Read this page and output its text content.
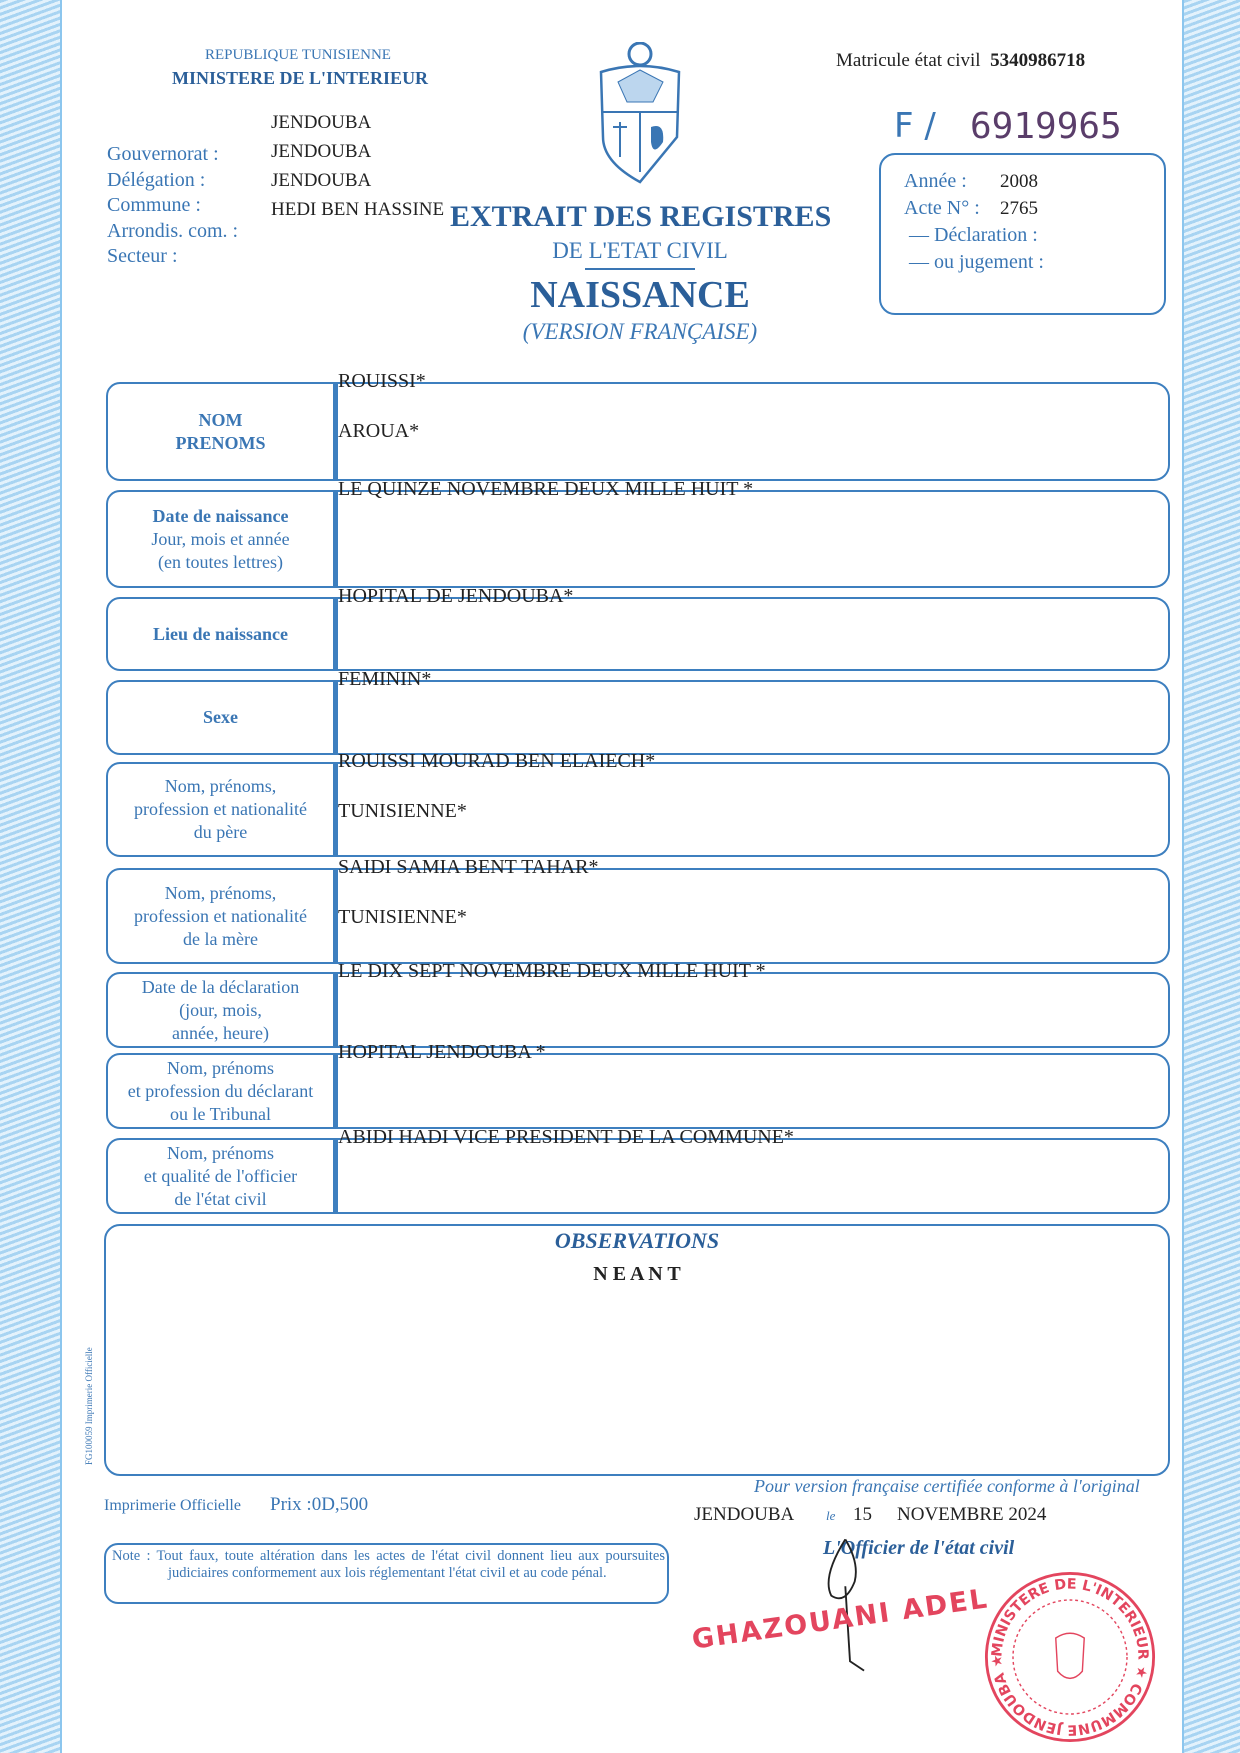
REPUBLIQUE TUNISIENNE
MINISTERE DE L'INTERIEUR
Matricule état civil 5340986718
F / 6919965
Gouvernorat :
Délégation :
Commune :
Arrondis. com. :
Secteur :
JENDOUBA
JENDOUBA
JENDOUBA
HEDI BEN HASSINE EXTRAIT DES REGISTRES
DE L'ETAT CIVIL
NAISSANCE
(VERSION FRANÇAISE)
Année :
Acte N° :
— Déclaration :
— ou jugement :
2008
2765
NOM
PRENOMS
ROUISSI*
AROUA*
Date de naissance
Jour, mois et année
(en toutes lettres)
LE QUINZE NOVEMBRE DEUX MILLE HUIT *
Lieu de naissance
HOPITAL DE JENDOUBA*
Sexe
FEMININ*
Nom, prénoms,
profession et nationalité
du père
ROUISSI MOURAD BEN ELAIECH*
TUNISIENNE*
Nom, prénoms,
profession et nationalité
de la mère
SAIDI SAMIA BENT TAHAR*
TUNISIENNE*
Date de la déclaration
(jour, mois,
année, heure)
LE DIX SEPT NOVEMBRE DEUX MILLE HUIT *
Nom, prénoms
et profession du déclarant
ou le Tribunal
HOPITAL JENDOUBA *
Nom, prénoms
et qualité de l'officier
de l'état civil
ABIDI HADI VICE PRESIDENT DE LA COMMUNE*
OBSERVATIONS
N E A N T
FG100059 Imprimerie Officielle
Imprimerie Officielle Prix :0D,500
Note : Tout faux, toute altération dans les actes de l'état civil donnent lieu aux poursuites judiciaires conformement aux lois réglementant l'état civil et au code pénal.
Pour version française certifiée conforme à l'original
JENDOUBA le 15 NOVEMBRE 2024
L'Officier de l'état civil
MINISTERE DE L'INTERIEUR ★ COMMUNE JENDOUBA ★
GHAZOUANI ADEL
